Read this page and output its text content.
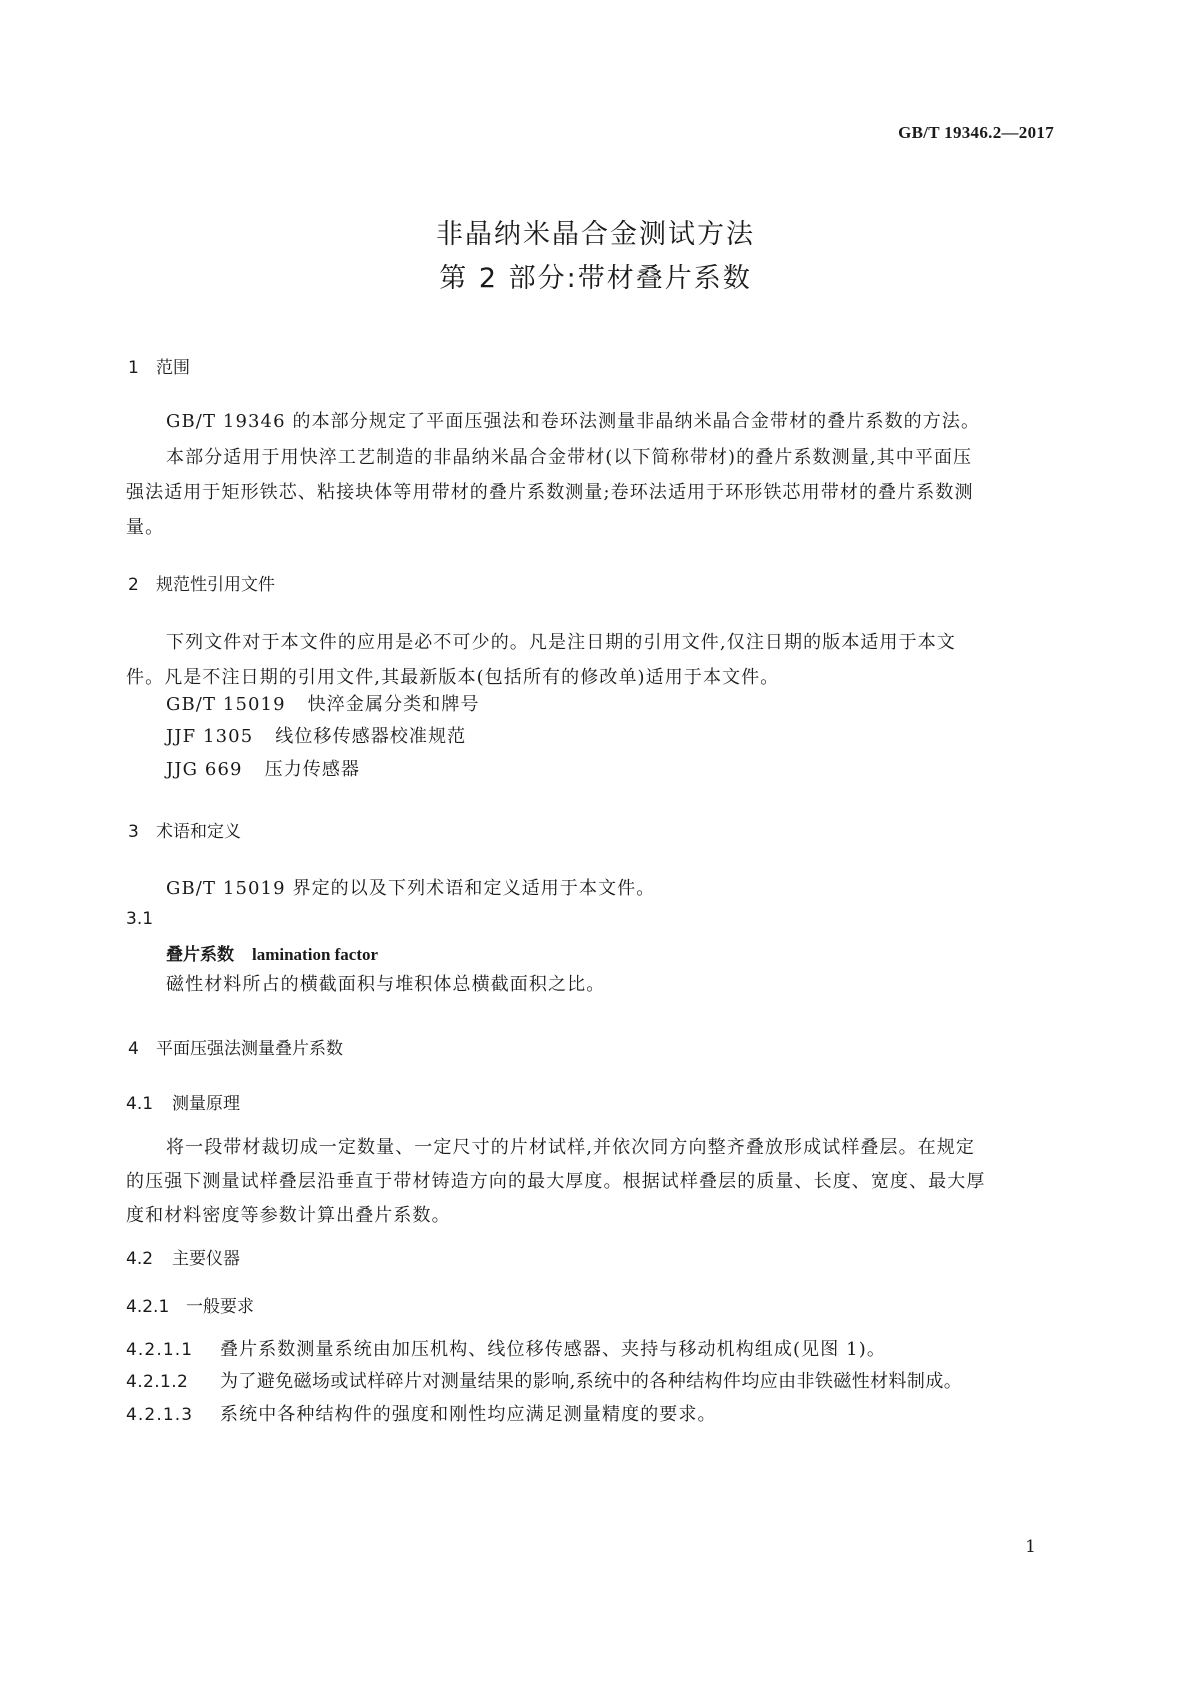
GB/T 19346.2—2017
非晶纳米晶合金测试方法
第 2 部分:带材叠片系数
1 范围
GB/T 19346 的本部分规定了平面压强法和卷环法测量非晶纳米晶合金带材的叠片系数的方法。
本部分适用于用快淬工艺制造的非晶纳米晶合金带材(以下简称带材)的叠片系数测量,其中平面压强法适用于矩形铁芯、粘接块体等用带材的叠片系数测量;卷环法适用于环形铁芯用带材的叠片系数测量。
2 规范性引用文件
下列文件对于本文件的应用是必不可少的。凡是注日期的引用文件,仅注日期的版本适用于本文件。凡是不注日期的引用文件,其最新版本(包括所有的修改单)适用于本文件。
GB/T 15019 快淬金属分类和牌号
JJF 1305 线位移传感器校准规范
JJG 669 压力传感器
3 术语和定义
GB/T 15019 界定的以及下列术语和定义适用于本文件。
3.1
叠片系数 lamination factor
磁性材料所占的横截面积与堆积体总横截面积之比。
4 平面压强法测量叠片系数
4.1 测量原理
将一段带材裁切成一定数量、一定尺寸的片材试样,并依次同方向整齐叠放形成试样叠层。在规定的压强下测量试样叠层沿垂直于带材铸造方向的最大厚度。根据试样叠层的质量、长度、宽度、最大厚度和材料密度等参数计算出叠片系数。
4.2 主要仪器
4.2.1 一般要求
4.2.1.1 叠片系数测量系统由加压机构、线位移传感器、夹持与移动机构组成(见图 1)。
4.2.1.2 为了避免磁场或试样碎片对测量结果的影响,系统中的各种结构件均应由非铁磁性材料制成。
4.2.1.3 系统中各种结构件的强度和刚性均应满足测量精度的要求。
1
